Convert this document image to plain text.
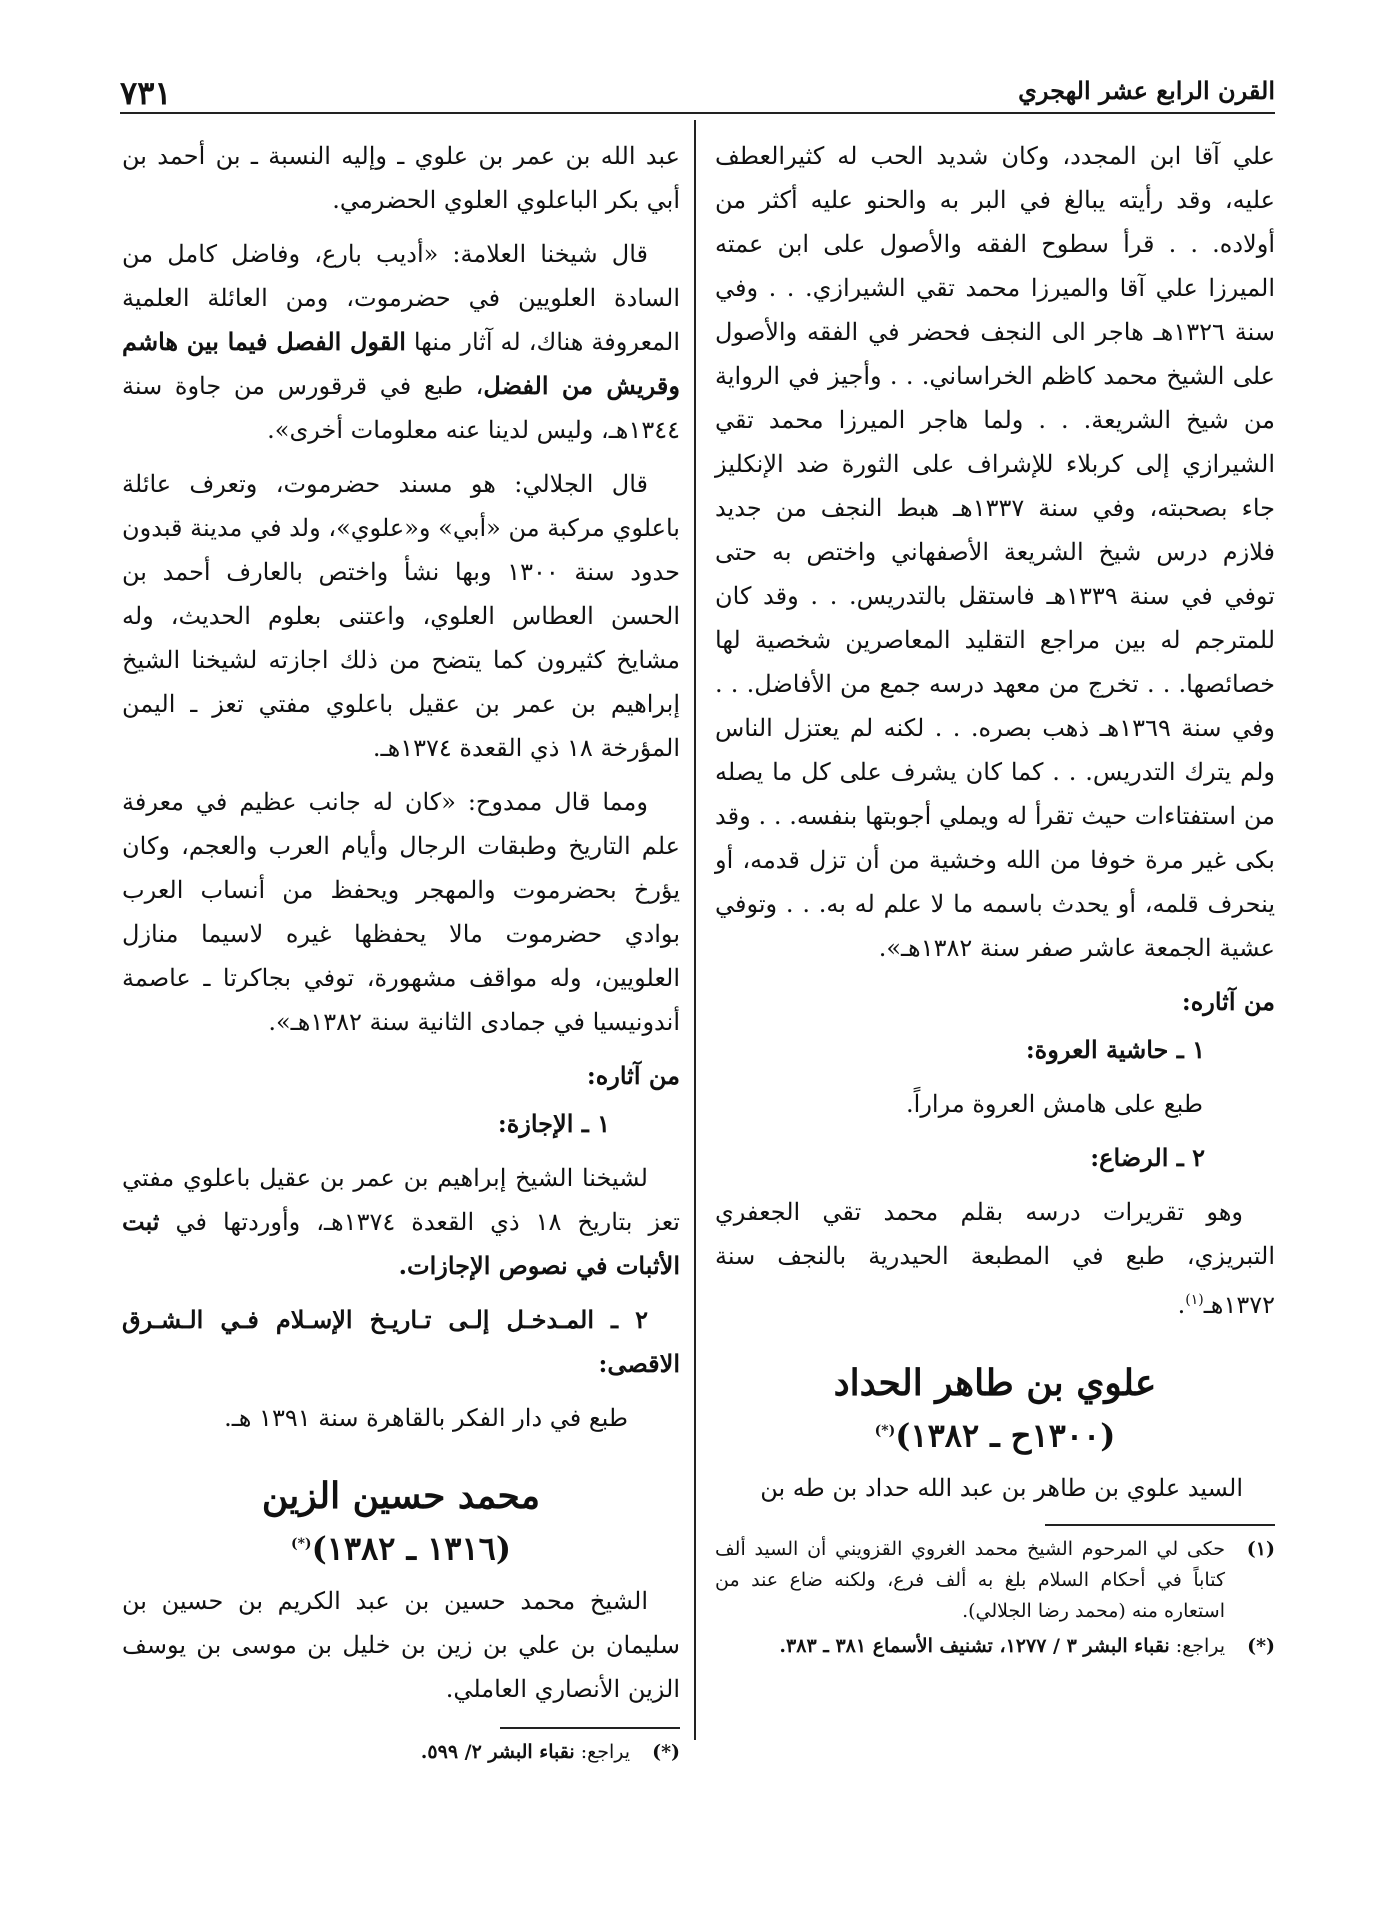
٧٣١	القرن الرابع عشر الهجري

علي آقا ابن المجدد، وكان شديد الحب له كثيرالعطف عليه، وقد رأيته يبالغ في البر به والحنو عليه أكثر من أولاده. . . قرأ سطوح الفقه والأصول على ابن عمته الميرزا علي آقا والميرزا محمد تقي الشيرازي. . . وفي سنة ١٣٢٦هـ هاجر الى النجف فحضر في الفقه والأصول على الشيخ محمد كاظم الخراساني. . . وأجيز في الرواية من شيخ الشريعة. . . ولما هاجر الميرزا محمد تقي الشيرازي إلى كربلاء للإشراف على الثورة ضد الإنكليز جاء بصحبته، وفي سنة ١٣٣٧هـ هبط النجف من جديد فلازم درس شيخ الشريعة الأصفهاني واختص به حتى توفي في سنة ١٣٣٩هـ فاستقل بالتدريس. . . وقد كان للمترجم له بين مراجع التقليد المعاصرين شخصية لها خصائصها. . . تخرج من معهد درسه جمع من الأفاضل. . . وفي سنة ١٣٦٩هـ ذهب بصره. . . لكنه لم يعتزل الناس ولم يترك التدريس. . . كما كان يشرف على كل ما يصله من استفتاءات حيث تقرأ له ويملي أجوبتها بنفسه. . . وقد بكى غير مرة خوفا من الله وخشية من أن تزل قدمه، أو ينحرف قلمه، أو يحدث باسمه ما لا علم له به. . . وتوفي عشية الجمعة عاشر صفر سنة ١٣٨٢هـ».

من آثاره:

١ ـ حاشية العروة:

طبع على هامش العروة مراراً.

٢ ـ الرضاع:

وهو تقريرات درسه بقلم محمد تقي الجعفري التبريزي، طبع في المطبعة الحيدرية بالنجف سنة ١٣٧٢هـ$^{(١)}$.

علوي بن طاهر الحداد
(١٣٠٠ح ـ ١٣٨٢)(*)

السيد علوي بن طاهر بن عبد الله حداد بن طه بن

(١)
حكى لي المرحوم الشيخ محمد الغروي القزويني أن السيد ألف كتاباً في أحكام السلام بلغ به ألف فرع، ولكنه ضاع عند من استعاره منه (محمد رضا الجلالي).

(*)
يراجع: نقباء البشر ٣ / ١٢٧٧، تشنيف الأسماع ٣٨١ ـ ٣٨٣.

عبد الله بن عمر بن علوي ـ وإليه النسبة ـ بن أحمد بن أبي بكر الباعلوي العلوي الحضرمي.

قال شيخنا العلامة: «أديب بارع، وفاضل كامل من السادة العلويين في حضرموت، ومن العائلة العلمية المعروفة هناك، له آثار منها القول الفصل فيما بين هاشم وقريش من الفضل، طبع في قرقورس من جاوة سنة ١٣٤٤هـ، وليس لدينا عنه معلومات أخرى».

قال الجلالي: هو مسند حضرموت، وتعرف عائلة باعلوي مركبة من «أبي» و«علوي»، ولد في مدينة قبدون حدود سنة ١٣٠٠ وبها نشأ واختص بالعارف أحمد بن الحسن العطاس العلوي، واعتنى بعلوم الحديث، وله مشايخ كثيرون كما يتضح من ذلك اجازته لشيخنا الشيخ إبراهيم بن عمر بن عقيل باعلوي مفتي تعز ـ اليمن المؤرخة ١٨ ذي القعدة ١٣٧٤هـ.

ومما قال ممدوح: «كان له جانب عظيم في معرفة علم التاريخ وطبقات الرجال وأيام العرب والعجم، وكان يؤرخ بحضرموت والمهجر ويحفظ من أنساب العرب بوادي حضرموت مالا يحفظها غيره لاسيما منازل العلويين، وله مواقف مشهورة، توفي بجاكرتا ـ عاصمة أندونيسيا في جمادى الثانية سنة ١٣٨٢هـ».

من آثاره:

١ ـ الإجازة:

لشيخنا الشيخ إبراهيم بن عمر بن عقيل باعلوي مفتي تعز بتاريخ ١٨ ذي القعدة ١٣٧٤هـ، وأوردتها في ثبت الأثبات في نصوص الإجازات.

٢ ـ المـدخـل إلـى تـاريـخ الإسـلام فـي الـشـرق الاقصى:

طبع في دار الفكر بالقاهرة سنة ١٣٩١ هـ.

محمد حسين الزين
(١٣١٦ ـ ١٣٨٢)(*)

الشيخ محمد حسين بن عبد الكريم بن حسين بن سليمان بن علي بن زين بن خليل بن موسى بن يوسف الزين الأنصاري العاملي.

(*)
يراجع: نقباء البشر ٢/ ٥٩٩.
